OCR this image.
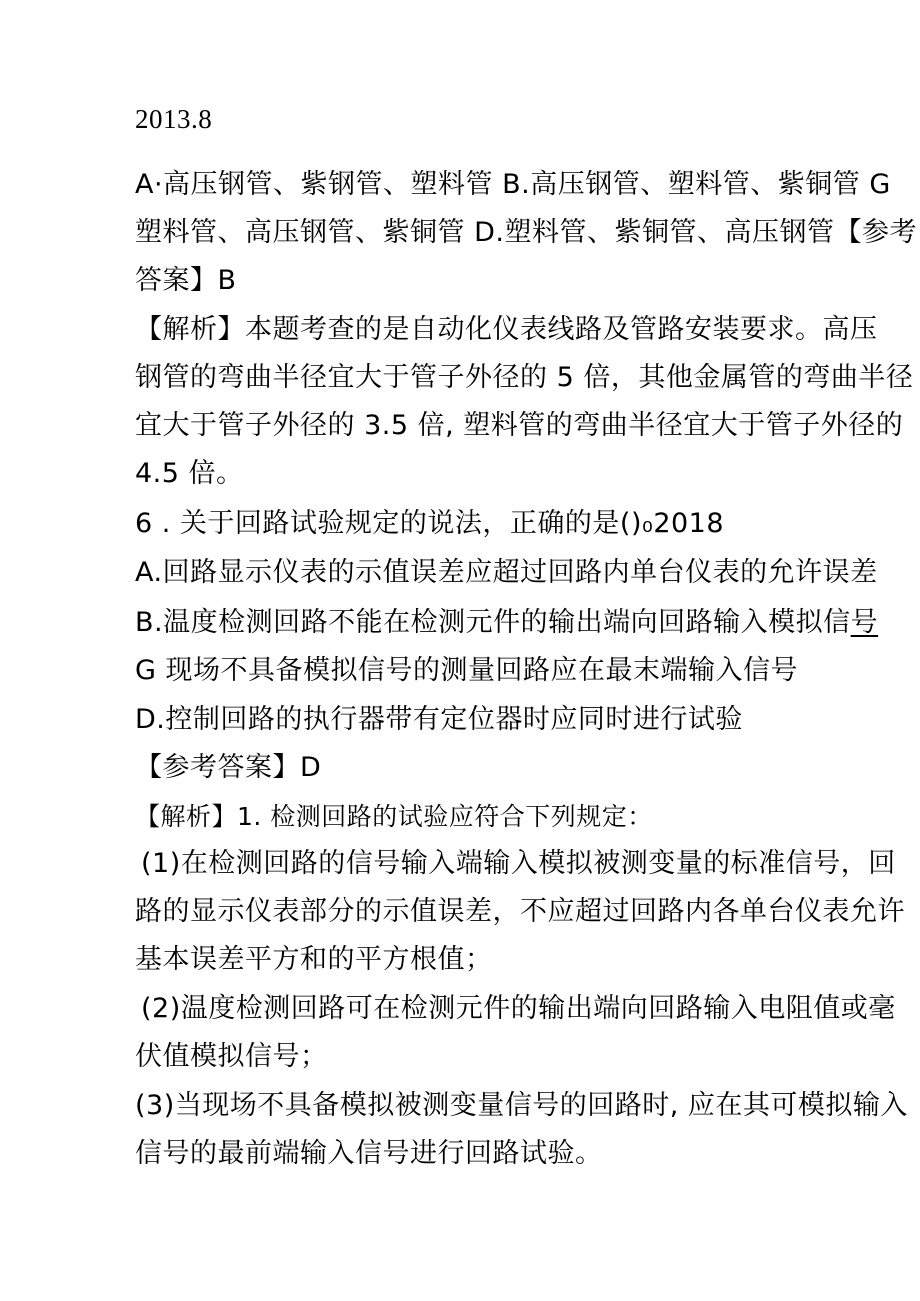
2013.8
A·高压钢管、紫钢管、塑料管 B.高压钢管、塑料管、紫铜管 G
塑料管、高压钢管、紫铜管 D.塑料管、紫铜管、高压钢管【参考
答案】B
【解析】本题考查的是自动化仪表线路及管路安装要求。高压
钢管的弯曲半径宜大于管子外径的 5 倍，其他金属管的弯曲半径
宜大于管子外径的 3.5 倍, 塑料管的弯曲半径宜大于管子外径的
4.5 倍。
6 . 关于回路试验规定的说法，正确的是()₀2018
A.回路显示仪表的示值误差应超过回路内单台仪表的允许误差
B.温度检测回路不能在检测元件的输出端向回路输入模拟信号
G 现场不具备模拟信号的测量回路应在最末端输入信号
D.控制回路的执行器带有定位器时应同时进行试验
【参考答案】D
【解析】1. 检测回路的试验应符合下列规定：
(1)在检测回路的信号输入端输入模拟被测变量的标准信号，回
路的显示仪表部分的示值误差，不应超过回路内各单台仪表允许
基本误差平方和的平方根值；
(2)温度检测回路可在检测元件的输出端向回路输入电阻值或毫
伏值模拟信号；
(3)当现场不具备模拟被测变量信号的回路时, 应在其可模拟输入
信号的最前端输入信号进行回路试验。
